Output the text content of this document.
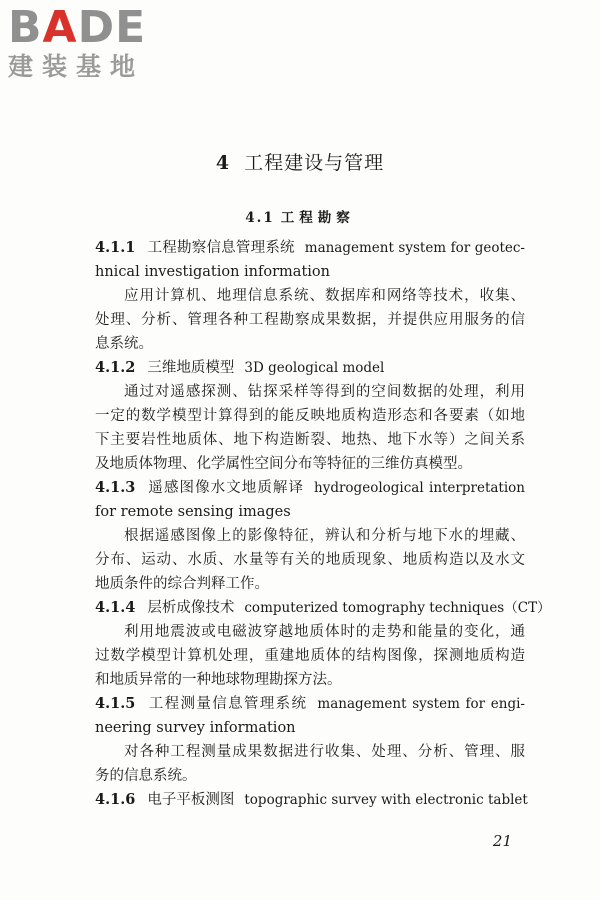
BADE
建装基地
4 工程建设与管理
4.1 工程勘察
4.1.1 工程勘察信息管理系统 management system for geotec-
hnical investigation information
应用计算机、地理信息系统、数据库和网络等技术，收集、
处理、分析、管理各种工程勘察成果数据，并提供应用服务的信
息系统。
4.1.2 三维地质模型 3D geological model
通过对遥感探测、钻探采样等得到的空间数据的处理，利用
一定的数学模型计算得到的能反映地质构造形态和各要素（如地
下主要岩性地质体、地下构造断裂、地热、地下水等）之间关系
及地质体物理、化学属性空间分布等特征的三维仿真模型。
4.1.3 遥感图像水文地质解译 hydrogeological interpretation
for remote sensing images
根据遥感图像上的影像特征，辨认和分析与地下水的埋藏、
分布、运动、水质、水量等有关的地质现象、地质构造以及水文
地质条件的综合判释工作。
4.1.4 层析成像技术 computerized tomography techniques（CT）
利用地震波或电磁波穿越地质体时的走势和能量的变化，通
过数学模型计算机处理，重建地质体的结构图像，探测地质构造
和地质异常的一种地球物理勘探方法。
4.1.5 工程测量信息管理系统 management system for engi-
neering survey information
对各种工程测量成果数据进行收集、处理、分析、管理、服
务的信息系统。
4.1.6 电子平板测图 topographic survey with electronic tablet
21
